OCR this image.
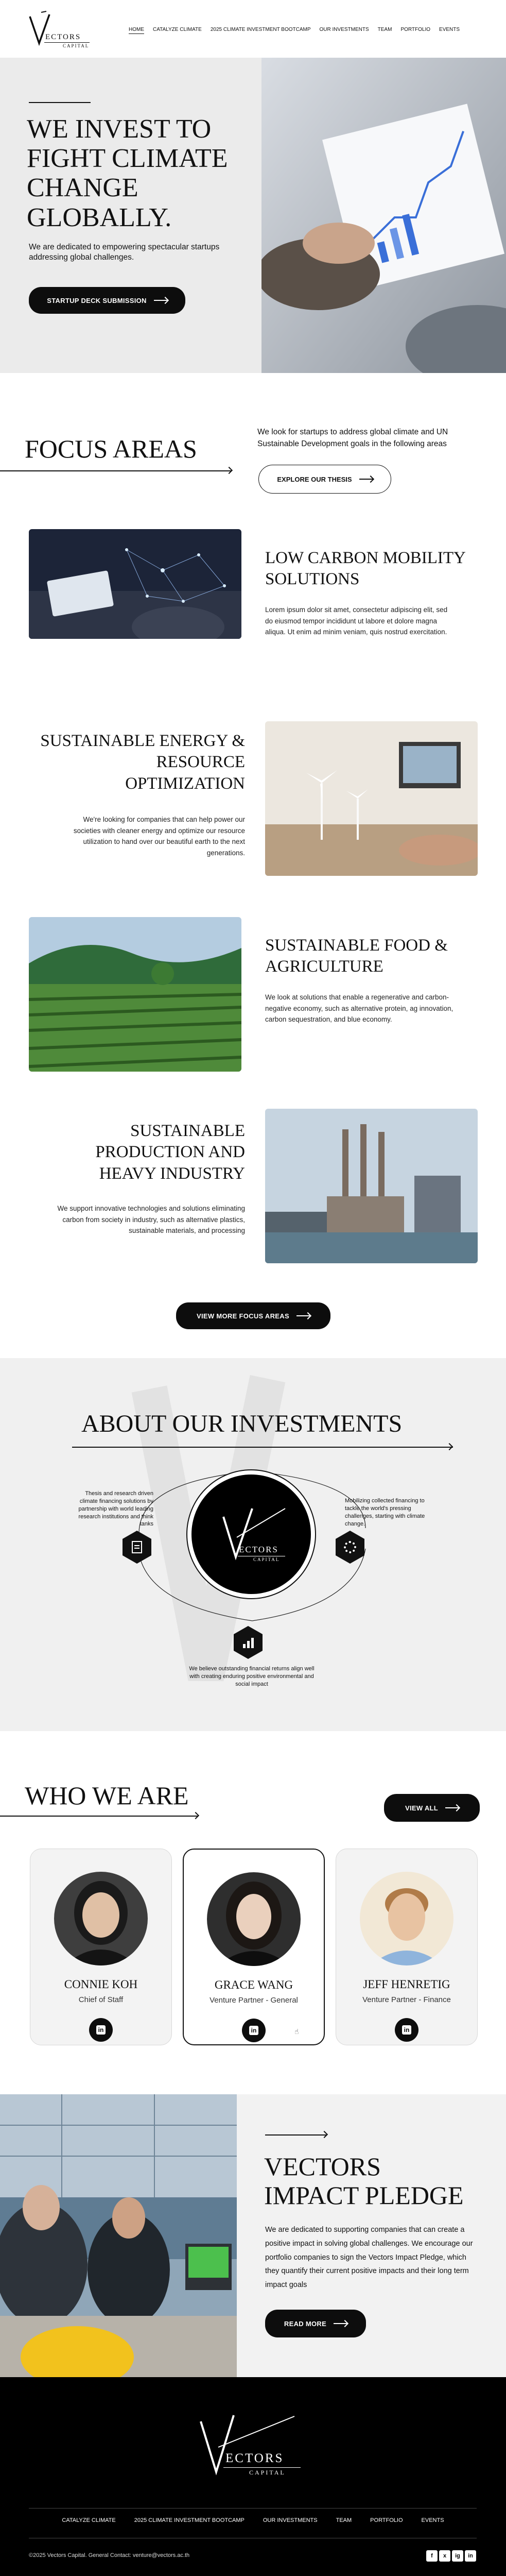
ECTORS
CAPITAL
HOME CATALYZE CLIMATE 2025 CLIMATE INVESTMENT BOOTCAMP OUR INVESTMENTS TEAM PORTFOLIO EVENTS
WE INVEST TO FIGHT CLIMATE CHANGE GLOBALLY.

We are dedicated to empowering spectacular startups addressing global challenges.

STARTUP DECK SUBMISSION
FOCUS AREAS

We look for startups to address global climate and UN Sustainable Development goals in the following areas

EXPLORE OUR THESIS
LOW CARBON MOBILITY SOLUTIONS

Lorem ipsum dolor sit amet, consectetur adipiscing elit, sed do eiusmod tempor incididunt ut labore et dolore magna aliqua. Ut enim ad minim veniam, quis nostrud exercitation.

SUSTAINABLE ENERGY & RESOURCE OPTIMIZATION

We're looking for companies that can help power our societies with cleaner energy and optimize our resource utilization to hand over our beautiful earth to the next generations.

SUSTAINABLE FOOD & AGRICULTURE

We look at solutions that enable a regenerative and carbon-negative economy, such as alternative protein, ag innovation, carbon sequestration, and blue economy.

SUSTAINABLE PRODUCTION AND HEAVY INDUSTRY

We support innovative technologies and solutions eliminating carbon from society in industry, such as alternative plastics, sustainable materials, and processing

VIEW MORE FOCUS AREAS
ABOUT OUR INVESTMENTS
ECTORS
CAPITAL

Thesis and research driven climate financing solutions by partnership with world leading research institutions and think tanks

Mobilizing collected financing to tackle the world's pressing challenges, starting with climate change.

We believe outstanding financial returns align well with creating enduring positive environmental and social impact

WHO WE ARE	VIEW ALL
CONNIE KOH
Chief of Staff
in
GRACE WANG
Venture Partner - General
in	☝
JEFF HENRETIG
Venture Partner - Finance
in
VECTORS IMPACT PLEDGE

We are dedicated to supporting companies that can create a positive impact in solving global challenges. We encourage our portfolio companies to sign the Vectors Impact Pledge, which they quantify their current positive impacts and their long term impact goals

READ MORE
ECTORS
CAPITAL
CATALYZE CLIMATE	2025 CLIMATE INVESTMENT BOOTCAMP	OUR INVESTMENTS	TEAM	PORTFOLIO	EVENTS
©2025 Vectors Capital. General Contact: venture@vectors.ac.th	f	x	ig	in
